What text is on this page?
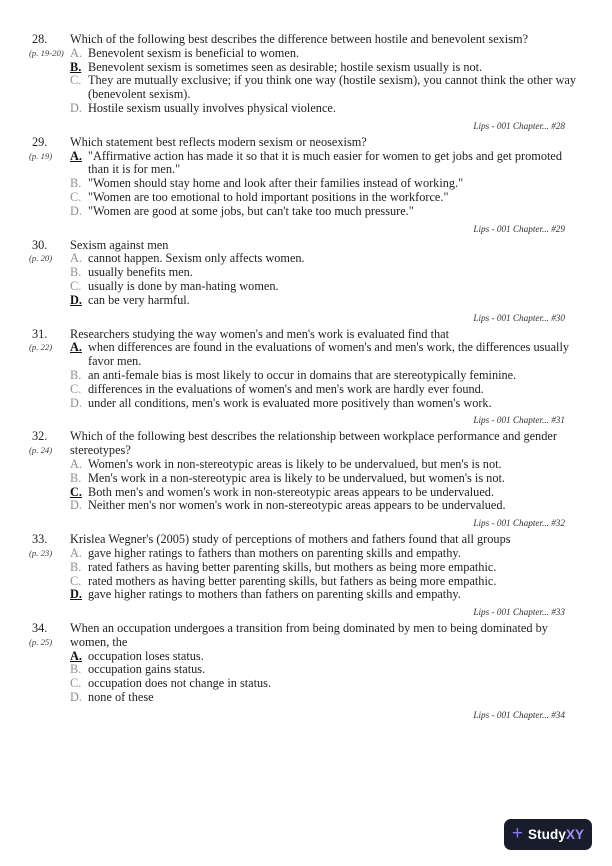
28.
(p. 19-20)
Which of the following best describes the difference between hostile and benevolent sexism?
A. Benevolent sexism is beneficial to women.
B. Benevolent sexism is sometimes seen as desirable; hostile sexism usually is not.
C. They are mutually exclusive; if you think one way (hostile sexism), you cannot think the other way (benevolent sexism).
D. Hostile sexism usually involves physical violence.
Lips - 001 Chapter... #28
29.
(p. 19)
Which statement best reflects modern sexism or neosexism?
A. "Affirmative action has made it so that it is much easier for women to get jobs and get promoted than it is for men."
B. "Women should stay home and look after their families instead of working."
C. "Women are too emotional to hold important positions in the workforce."
D. "Women are good at some jobs, but can't take too much pressure."
Lips - 001 Chapter... #29
30.
(p. 20)
Sexism against men
A. cannot happen. Sexism only affects women.
B. usually benefits men.
C. usually is done by man-hating women.
D. can be very harmful.
Lips - 001 Chapter... #30
31.
(p. 22)
Researchers studying the way women's and men's work is evaluated find that
A. when differences are found in the evaluations of women's and men's work, the differences usually favor men.
B. an anti-female bias is most likely to occur in domains that are stereotypically feminine.
C. differences in the evaluations of women's and men's work are hardly ever found.
D. under all conditions, men's work is evaluated more positively than women's work.
Lips - 001 Chapter... #31
32.
(p. 24)
Which of the following best describes the relationship between workplace performance and gender stereotypes?
A. Women's work in non-stereotypic areas is likely to be undervalued, but men's is not.
B. Men's work in a non-stereotypic area is likely to be undervalued, but women's is not.
C. Both men's and women's work in non-stereotypic areas appears to be undervalued.
D. Neither men's nor women's work in non-stereotypic areas appears to be undervalued.
Lips - 001 Chapter... #32
33.
(p. 23)
Krislea Wegner's (2005) study of perceptions of mothers and fathers found that all groups
A. gave higher ratings to fathers than mothers on parenting skills and empathy.
B. rated fathers as having better parenting skills, but mothers as being more empathic.
C. rated mothers as having better parenting skills, but fathers as being more empathic.
D. gave higher ratings to mothers than fathers on parenting skills and empathy.
Lips - 001 Chapter... #33
34.
(p. 25)
When an occupation undergoes a transition from being dominated by men to being dominated by women, the
A. occupation loses status.
B. occupation gains status.
C. occupation does not change in status.
D. none of these
Lips - 001 Chapter... #34
+ StudyXY
